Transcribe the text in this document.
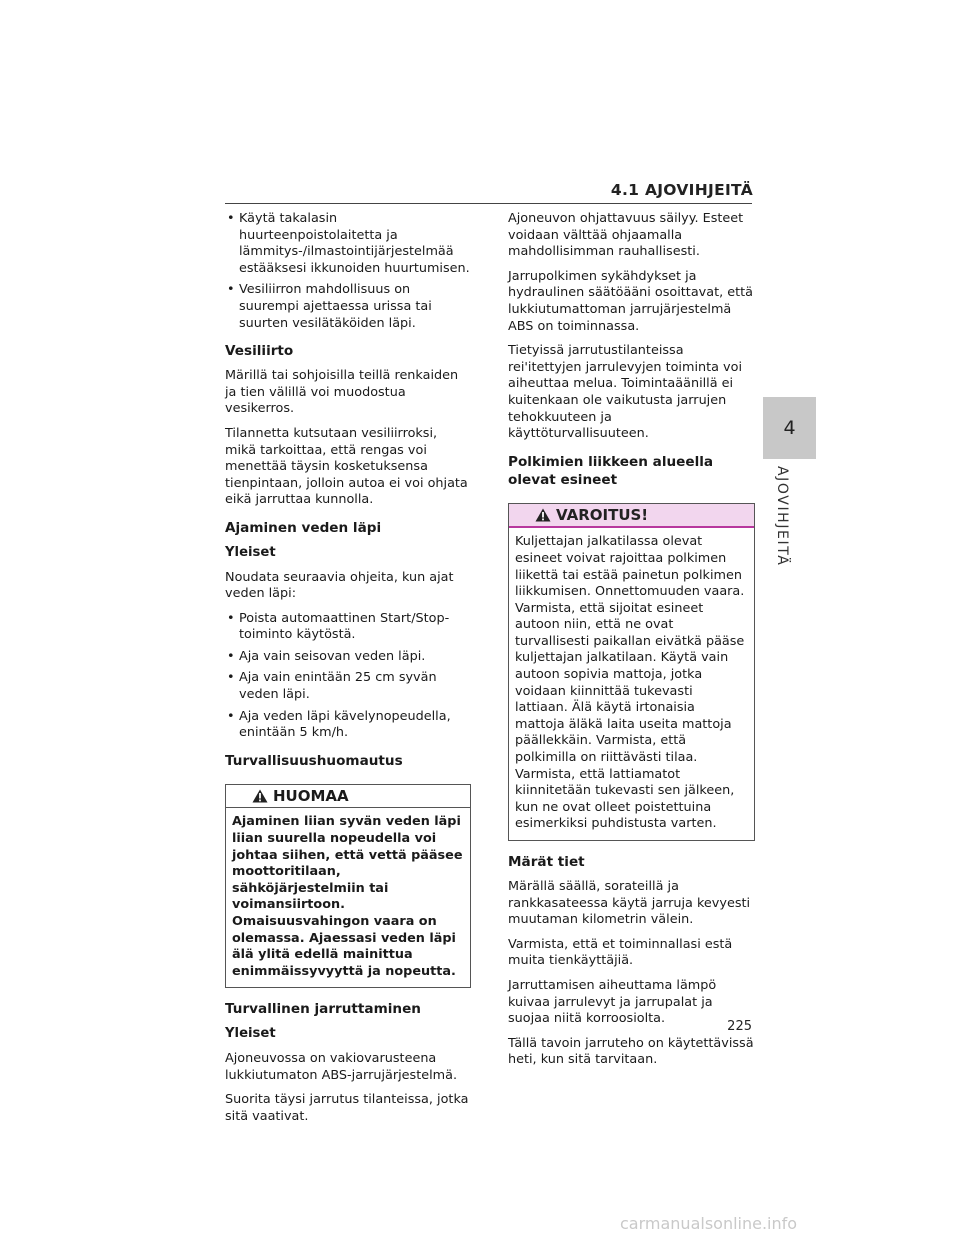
4.1 AJOVIHJEITÄ
4
AJOVIHJEITÄ
• Käytä takalasin huurteenpoistolaitetta ja lämmitys-/ilmastointijärjestelmää estääksesi ikkunoiden huurtumisen.
• Vesiliirron mahdollisuus on suurempi ajettaessa urissa tai suurten vesilätäköiden läpi.
Vesiliirto

Märillä tai sohjoisilla teillä renkaiden ja tien välillä voi muodostua vesikerros.

Tilannetta kutsutaan vesiliirroksi, mikä tarkoittaa, että rengas voi menettää täysin kosketuksensa tienpintaan, jolloin autoa ei voi ohjata eikä jarruttaa kunnolla.

Ajaminen veden läpi
Yleiset

Noudata seuraavia ohjeita, kun ajat veden läpi:

• Poista automaattinen Start/Stop-toiminto käytöstä.
• Aja vain seisovan veden läpi.
• Aja vain enintään 25 cm syvän veden läpi.
• Aja veden läpi kävelynopeudella, enintään 5 km/h.
Turvallisuushuomautus
HUOMAA
Ajaminen liian syvän veden läpi liian suurella nopeudella voi johtaa siihen, että vettä pääsee moottoritilaan, sähköjärjestelmiin tai voimansiirtoon. Omaisuusvahingon vaara on olemassa. Ajaessasi veden läpi älä ylitä edellä mainittua enimmäissyvyyttä ja nopeutta.
Turvallinen jarruttaminen
Yleiset

Ajoneuvossa on vakiovarusteena lukkiutumaton ABS-jarrujärjestelmä.

Suorita täysi jarrutus tilanteissa, jotka sitä vaativat.

Ajoneuvon ohjattavuus säilyy. Esteet voidaan välttää ohjaamalla mahdollisimman rauhallisesti.

Jarrupolkimen sykähdykset ja hydraulinen säätöääni osoittavat, että lukkiutumattoman jarrujärjestelmä ABS on toiminnassa.

Tietyissä jarrutustilanteissa rei'itettyjen jarrulevyjen toiminta voi aiheuttaa melua. Toimintaäänillä ei kuitenkaan ole vaikutusta jarrujen tehokkuuteen ja käyttöturvallisuuteen.

Polkimien liikkeen alueella olevat esineet
VAROITUS!
Kuljettajan jalkatilassa olevat esineet voivat rajoittaa polkimen liikettä tai estää painetun polkimen liikkumisen. Onnettomuuden vaara. Varmista, että sijoitat esineet autoon niin, että ne ovat turvallisesti paikallan eivätkä pääse kuljettajan jalkatilaan. Käytä vain autoon sopivia mattoja, jotka voidaan kiinnittää tukevasti lattiaan. Älä käytä irtonaisia mattoja äläkä laita useita mattoja päällekkäin. Varmista, että polkimilla on riittävästi tilaa. Varmista, että lattiamatot kiinnitetään tukevasti sen jälkeen, kun ne ovat olleet poistettuina esimerkiksi puhdistusta varten.
Märät tiet

Märällä säällä, sorateillä ja rankkasateessa käytä jarruja kevyesti muutaman kilometrin välein.

Varmista, että et toiminnallasi estä muita tienkäyttäjiä.

Jarruttamisen aiheuttama lämpö kuivaa jarrulevyt ja jarrupalat ja suojaa niitä korroosiolta.

Tällä tavoin jarruteho on käytettävissä heti, kun sitä tarvitaan.

225
carmanualsonline.info
